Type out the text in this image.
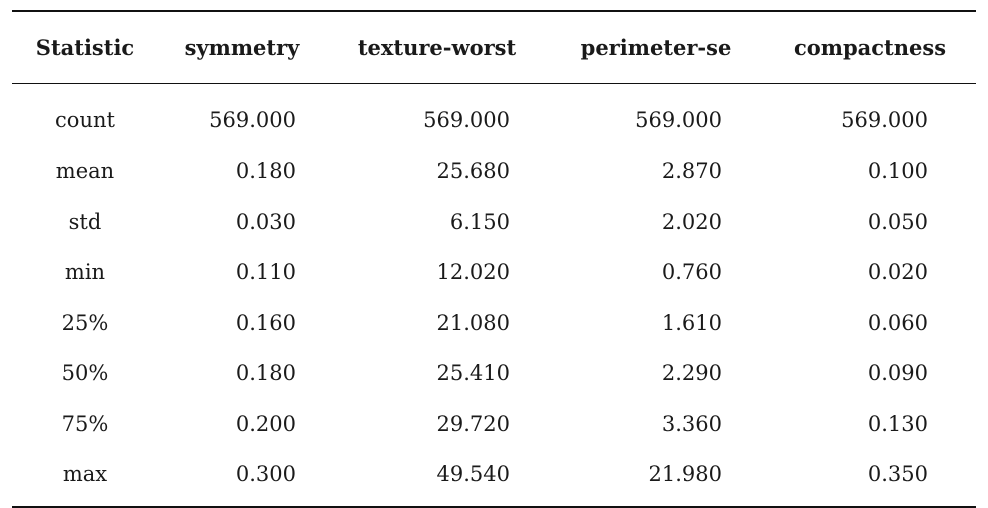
Statistic	symmetry	texture-worst	perimeter-se	compactness
count	569.000	569.000	569.000	569.000
mean	0.180	25.680	2.870	0.100
std	0.030	6.150	2.020	0.050
min	0.110	12.020	0.760	0.020
25%	0.160	21.080	1.610	0.060
50%	0.180	25.410	2.290	0.090
75%	0.200	29.720	3.360	0.130
max	0.300	49.540	21.980	0.350
